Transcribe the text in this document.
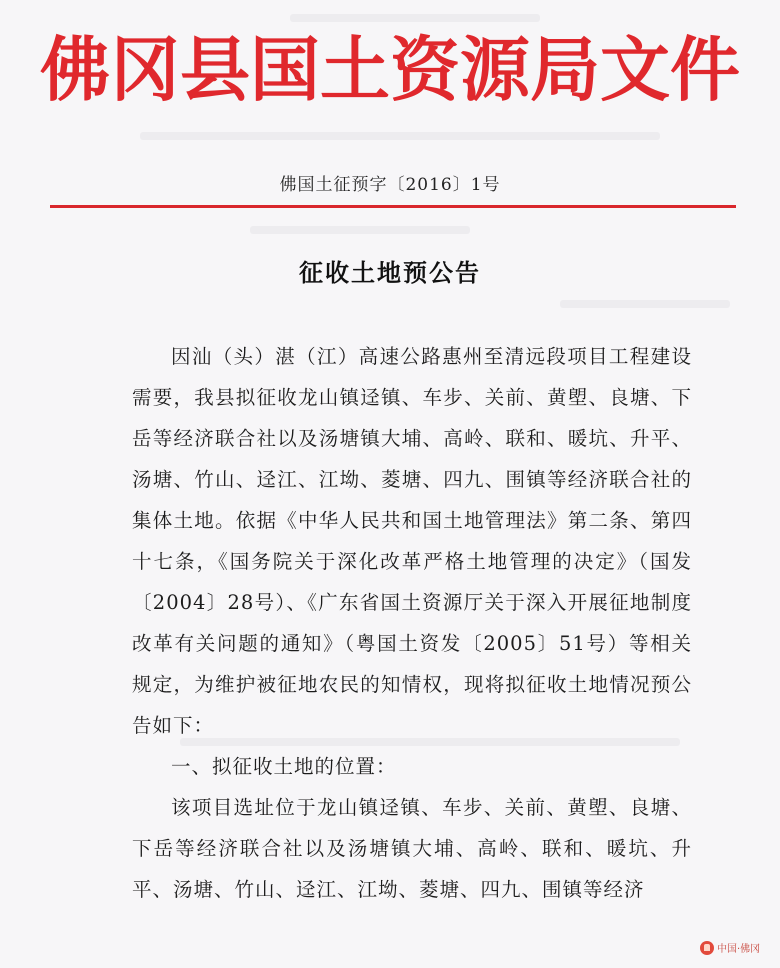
佛冈县国土资源局文件
佛国土征预字〔2016〕1号
征收土地预公告

因汕（头）湛（江）高速公路惠州至清远段项目工程建设需要，我县拟征收龙山镇迳镇、车步、关前、黄塱、良塘、下岳等经济联合社以及汤塘镇大埔、高岭、联和、暖坑、升平、汤塘、竹山、迳江、江坳、菱塘、四九、围镇等经济联合社的集体土地。依据《中华人民共和国土地管理法》第二条、第四十七条，《国务院关于深化改革严格土地管理的决定》（国发〔2004〕28号）、《广东省国土资源厅关于深入开展征地制度改革有关问题的通知》（粤国土资发〔2005〕51号）等相关规定，为维护被征地农民的知情权，现将拟征收土地情况预公告如下：

一、拟征收土地的位置：

该项目选址位于龙山镇迳镇、车步、关前、黄塱、良塘、下岳等经济联合社以及汤塘镇大埔、高岭、联和、暖坑、升平、汤塘、竹山、迳江、江坳、菱塘、四九、围镇等经济

中国·佛冈
